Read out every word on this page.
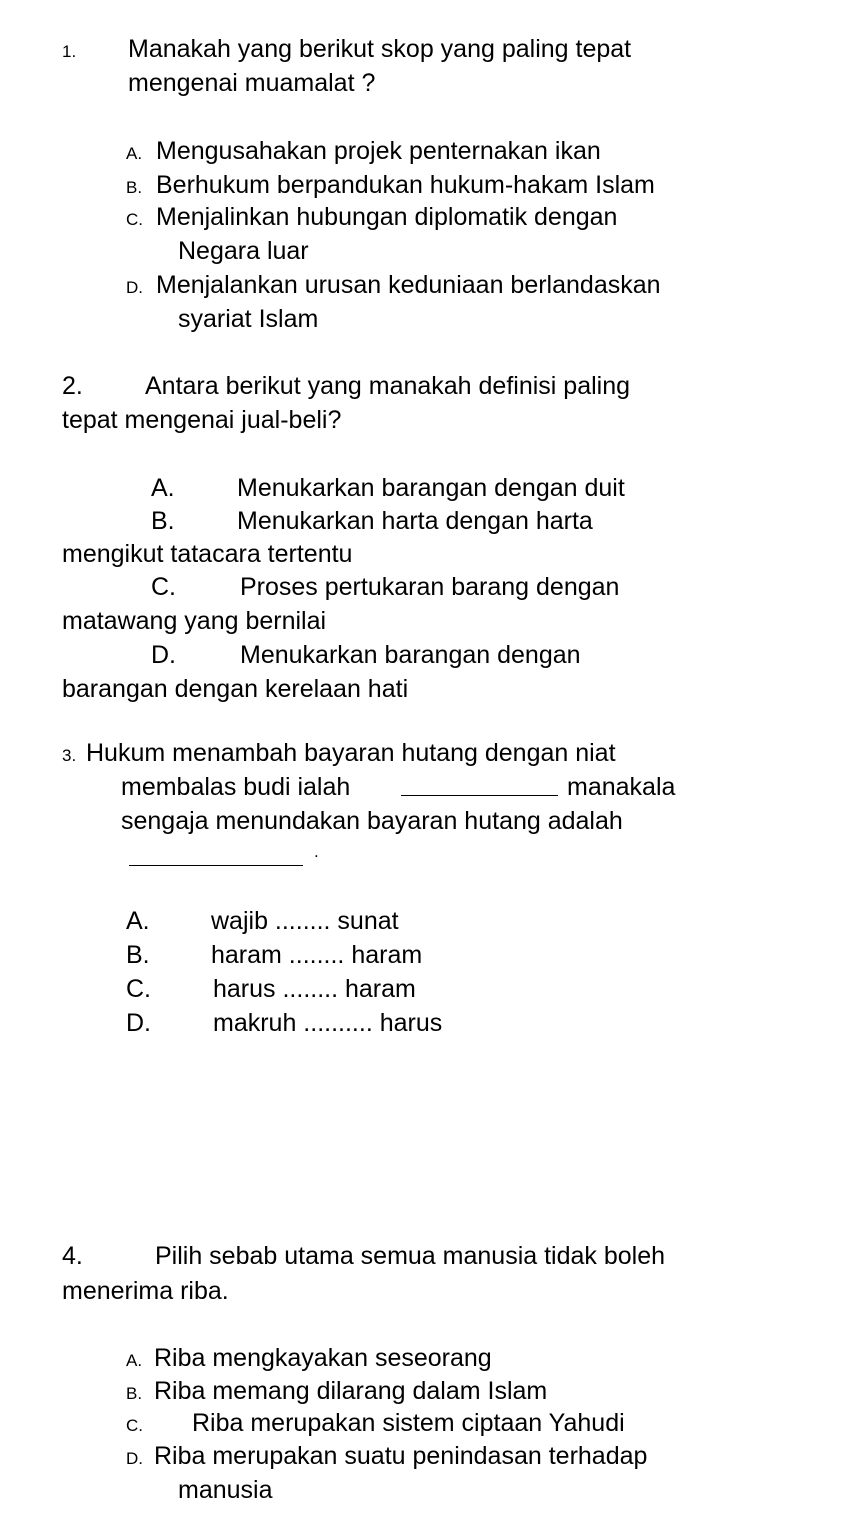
1. Manakah yang berikut skop yang paling tepat
mengenai muamalat ?
A. Mengusahakan projek penternakan ikan
B. Berhukum berpandukan hukum-hakam Islam
C. Menjalinkan hubungan diplomatik dengan
Negara luar
D. Menjalankan urusan keduniaan berlandaskan
syariat Islam
2. Antara berikut yang manakah definisi paling
tepat mengenai jual-beli?
A. Menukarkan barangan dengan duit
B. Menukarkan harta dengan harta
mengikut tatacara tertentu
C.	Proses pertukaran barang dengan
matawang yang bernilai
D.	Menukarkan barangan dengan
barangan dengan kerelaan hati
3. Hukum menambah bayaran hutang dengan niat
membalas budi ialah	manakala
sengaja menundakan bayaran hutang adalah
.
A. wajib ........ sunat
B. haram ........ haram
C. harus ........ haram
D. makruh .......... harus
4.	Pilih sebab utama semua manusia tidak boleh
menerima riba.
A. Riba mengkayakan seseorang
B. Riba memang dilarang dalam Islam
C. Riba merupakan sistem ciptaan Yahudi
D. Riba merupakan suatu penindasan terhadap
manusia
